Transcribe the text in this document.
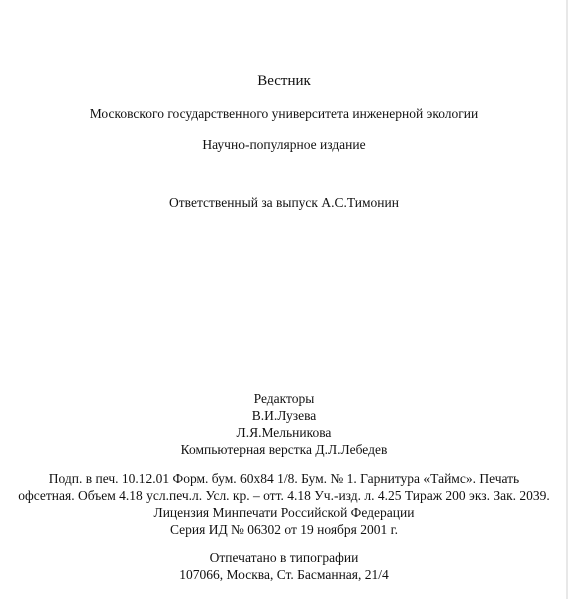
Вестник
Московского государственного университета инженерной экологии
Научно-популярное издание
Ответственный за выпуск А.С.Тимонин
Редакторы
В.И.Лузева
Л.Я.Мельникова
Компьютерная верстка Д.Л.Лебедев
Подп. в печ. 10.12.01 Форм. бум. 60x84 1/8. Бум. № 1. Гарнитура «Таймс». Печать
офсетная. Объем 4.18 усл.печ.л. Усл. кр. – отт. 4.18 Уч.-изд. л. 4.25 Тираж 200 экз. Зак. 2039.
Лицензия Минпечати Российской Федерации
Серия ИД № 06302 от 19 ноября 2001 г.
Отпечатано в типографии
107066, Москва, Ст. Басманная, 21/4
